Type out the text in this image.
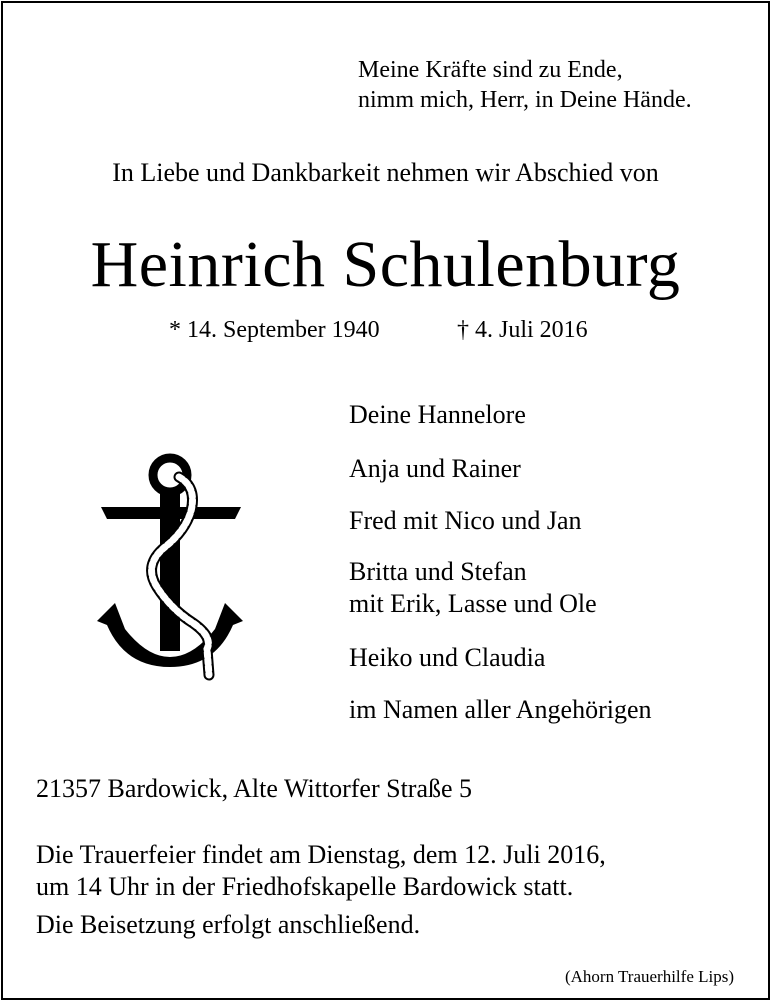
Meine Kräfte sind zu Ende,
nimm mich, Herr, in Deine Hände.
In Liebe und Dankbarkeit nehmen wir Abschied von
Heinrich Schulenburg
* 14. September 1940	† 4. Juli 2016
Deine Hannelore
Anja und Rainer
Fred mit Nico und Jan
Britta und Stefan
mit Erik, Lasse und Ole
Heiko und Claudia
im Namen aller Angehörigen
21357 Bardowick, Alte Wittorfer Straße 5
Die Trauerfeier findet am Dienstag, dem 12. Juli 2016,
um 14 Uhr in der Friedhofskapelle Bardowick statt.
Die Beisetzung erfolgt anschließend.
(Ahorn Trauerhilfe Lips)
